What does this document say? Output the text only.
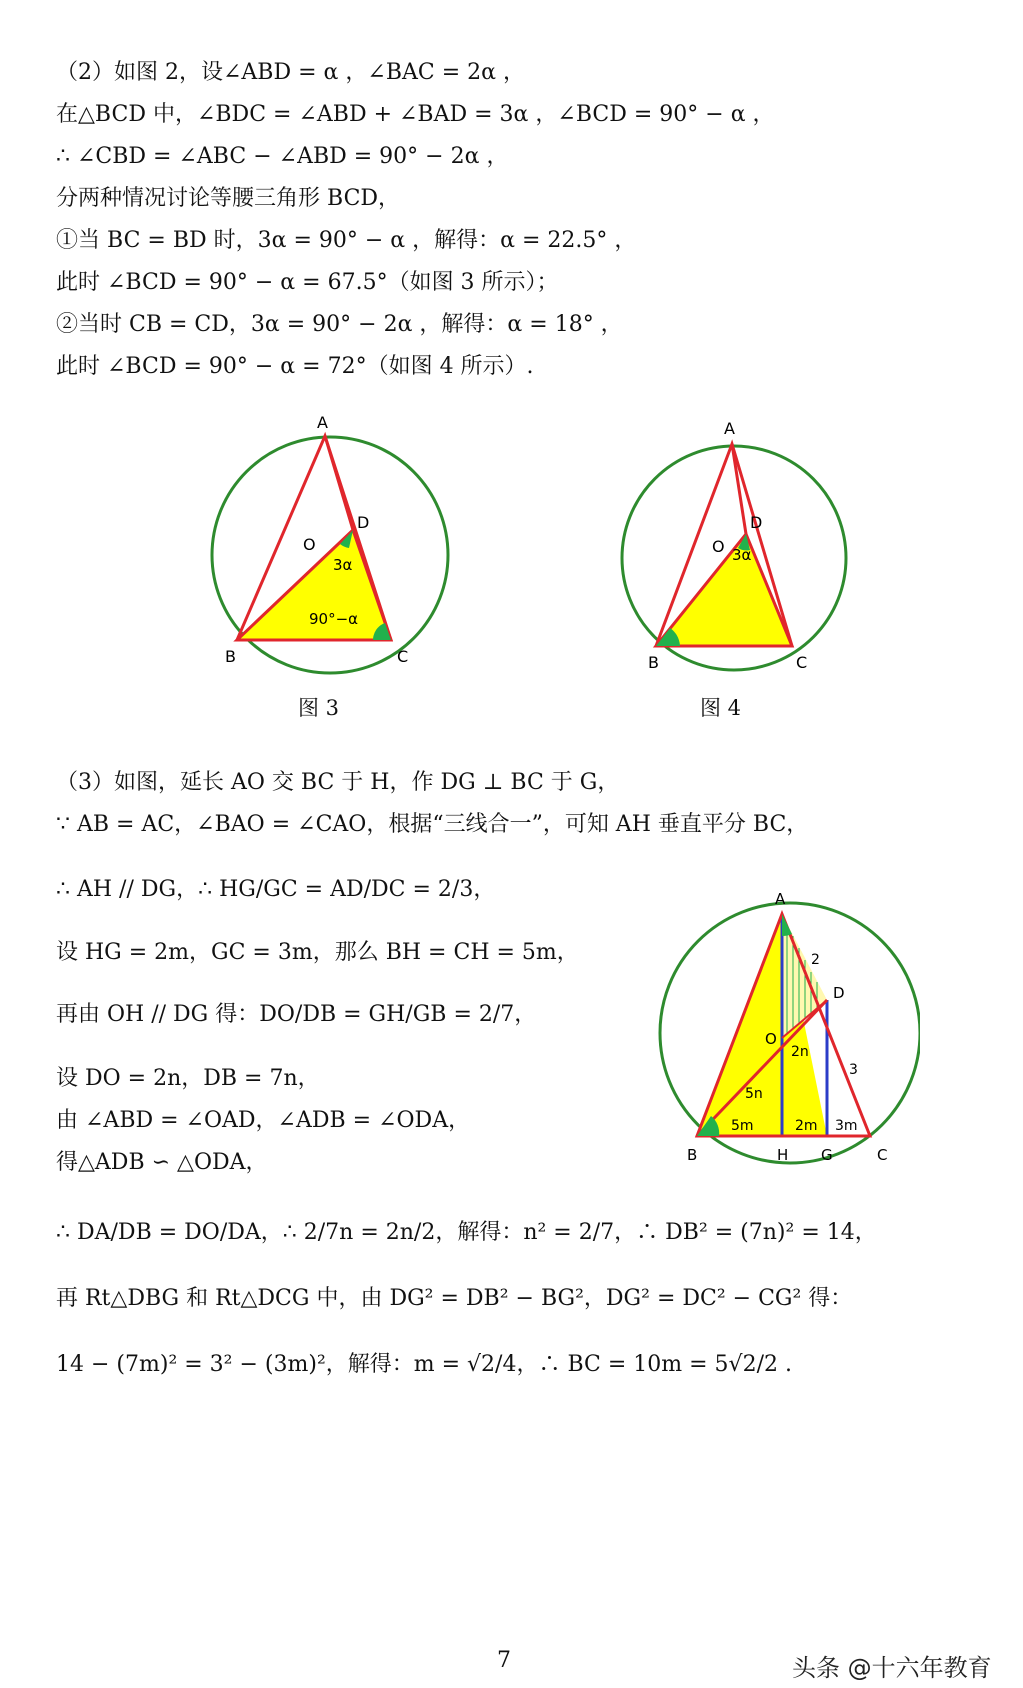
（2）如图 2，设∠ABD = α ，∠BAC = 2α ，
在△BCD 中，∠BDC = ∠ABD + ∠BAD = 3α ，∠BCD = 90° − α ，
∴ ∠CBD = ∠ABC − ∠ABD = 90° − 2α ，
分两种情况讨论等腰三角形 BCD，
①当 BC = BD 时，3α = 90° − α ，解得：α = 22.5° ，
此时 ∠BCD = 90° − α = 67.5°（如图 3 所示）；
②当时 CB = CD，3α = 90° − 2α ，解得：α = 18° ，
此时 ∠BCD = 90° − α = 72°（如图 4 所示）.
A
B	C
D
O
3α
90°−α
图 3
A
B	C
D
O 3α
图 4
（3）如图，延长 AO 交 BC 于 H，作 DG ⊥ BC 于 G，
∵ AB = AC，∠BAO = ∠CAO，根据“三线合一”，可知 AH 垂直平分 BC，
∴ AH // DG，∴ HG/GC = AD/DC = 2/3，
设 HG = 2m，GC = 3m，那么 BH = CH = 5m，
再由 OH // DG 得：DO/DB = GH/GB = 2/7，
设 DO = 2n，DB = 7n，
由 ∠ABD = ∠OAD，∠ADB = ∠ODA，
得△ADB ∽ △ODA，
∴ DA/DB = DO/DA，∴ 2/7n = 2n/2，解得：n² = 2/7，∴ DB² = (7n)² = 14，
再 Rt△DBG 和 Rt△DCG 中，由 DG² = DB² − BG²，DG² = DC² − CG² 得：
14 − (7m)² = 3² − (3m)²，解得：m = √2/4，∴ BC = 10m = 5√2/2 .
A
B	C
D
O
H G
2
3
2n
5n
5m	2m 3m
7	头条 @十六年教育
